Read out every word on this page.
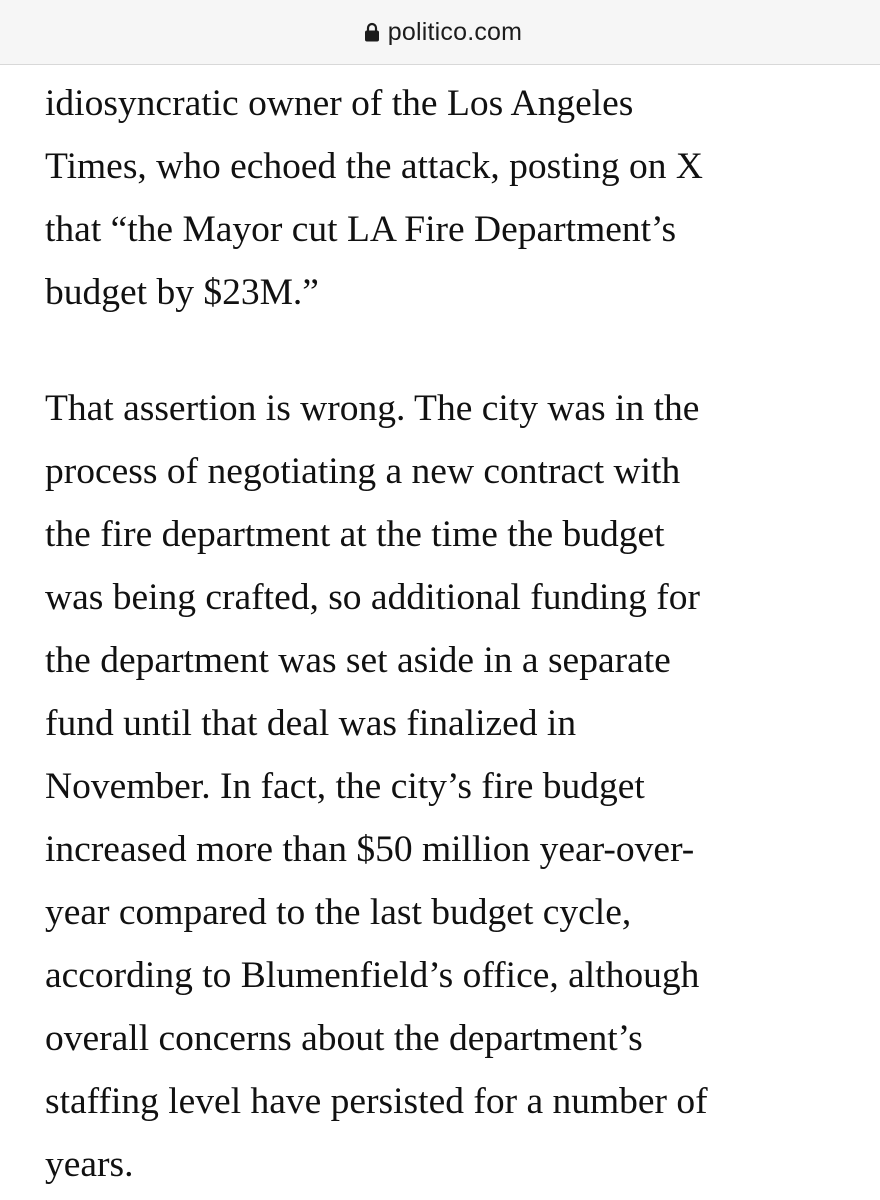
politico.com

idiosyncratic owner of the Los Angeles
Times, who echoed the attack, posting on X
that “the Mayor cut LA Fire Department’s
budget by $23M.”

That assertion is wrong. The city was in the
process of negotiating a new contract with
the fire department at the time the budget
was being crafted, so additional funding for
the department was set aside in a separate
fund until that deal was finalized in
November. In fact, the city’s fire budget
increased more than $50 million year-over-
year compared to the last budget cycle,
according to Blumenfield’s office, although
overall concerns about the department’s
staffing level have persisted for a number of
years.
